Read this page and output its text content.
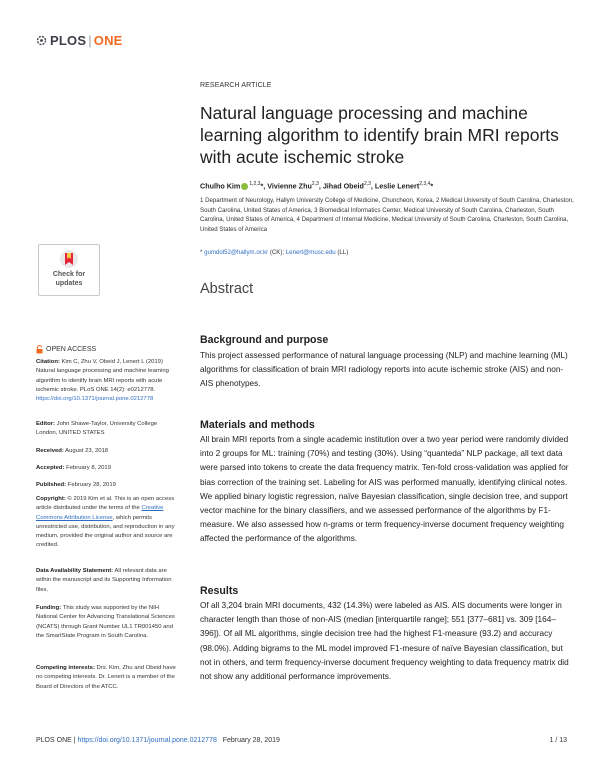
PLOS | ONE
RESEARCH ARTICLE
Natural language processing and machine learning algorithm to identify brain MRI reports with acute ischemic stroke
Chulho Kim $^{1,2,3}$*, Vivienne Zhu$^{2,3}$, Jihad Obeid$^{2,3}$, Leslie Lenert$^{2,3,4}$*
1 Department of Neurology, Hallym University College of Medicine, Chuncheon, Korea, 2 Medical University of South Carolina, Charleston, South Carolina, United States of America, 3 Biomedical Informatics Center, Medical University of South Carolina, Charleston, South Carolina, United States of America, 4 Department of Internal Medicine, Medical University of South Carolina, Charleston, South Carolina, United States of America
* gumdol52@hallym.or.kr (CK); Lenert@musc.edu (LL)
Abstract
Background and purpose
This project assessed performance of natural language processing (NLP) and machine learning (ML) algorithms for classification of brain MRI radiology reports into acute ischemic stroke (AIS) and non-AIS phenotypes.
Materials and methods
All brain MRI reports from a single academic institution over a two year period were randomly divided into 2 groups for ML: training (70%) and testing (30%). Using “quanteda” NLP package, all text data were parsed into tokens to create the data frequency matrix. Ten-fold cross-validation was applied for bias correction of the training set. Labeling for AIS was performed manually, identifying clinical notes. We applied binary logistic regression, naïve Bayesian classification, single decision tree, and support vector machine for the binary classifiers, and we assessed performance of the algorithms by F1-measure. We also assessed how n-grams or term frequency-inverse document frequency weighting affected the performance of the algorithms.
Results
Of all 3,204 brain MRI documents, 432 (14.3%) were labeled as AIS. AIS documents were longer in character length than those of non-AIS (median [interquartile range]; 551 [377–681] vs. 309 [164–396]). Of all ML algorithms, single decision tree had the highest F1-measure (93.2) and accuracy (98.0%). Adding bigrams to the ML model improved F1-mesure of naïve Bayesian classification, but not in others, and term frequency-inverse document frequency weighting to data frequency matrix did not show any additional performance improvements.
Check for
updates
OPEN ACCESS
Citation: Kim C, Zhu V, Obeid J, Lenert L (2019) Natural language processing and machine learning algorithm to identify brain MRI reports with acute ischemic stroke. PLoS ONE 14(2): e0212778. https://doi.org/10.1371/journal.pone.0212778
Editor: John Shawe-Taylor, University College London, UNITED STATES
Received: August 23, 2018
Accepted: February 8, 2019
Published: February 28, 2019
Copyright: © 2019 Kim et al. This is an open access article distributed under the terms of the Creative Commons Attribution License, which permits unrestricted use, distribution, and reproduction in any medium, provided the original author and source are credited.
Data Availability Statement: All relevant data are within the manuscript and its Supporting Information files.
Funding: This study was supported by the NIH National Center for Advancing Translational Sciences (NCATS) through Grant Number UL1 TR001450 and the SmartState Program in South Carolina.
Competing interests: Drs. Kim, Zhu and Obeid have no competing interests. Dr. Lenert is a member of the Board of Directors of the ATCC.
PLOS ONE | https://doi.org/10.1371/journal.pone.0212778 February 28, 2019	1 / 13
